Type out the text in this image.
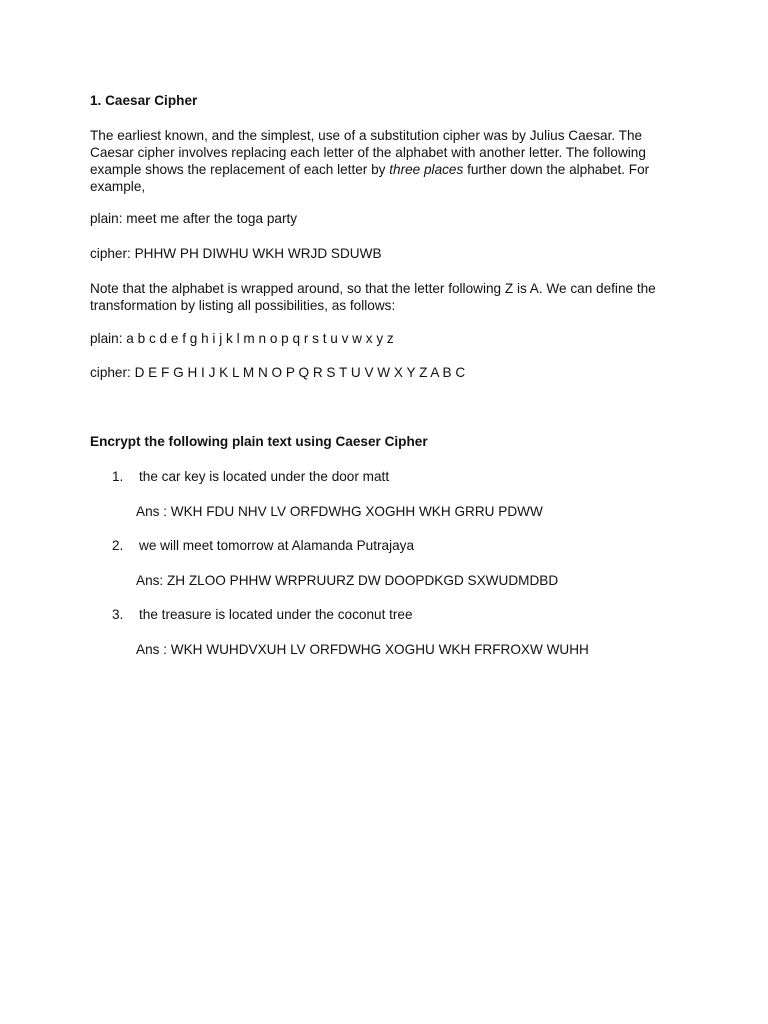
1. Caesar Cipher
The earliest known, and the simplest, use of a substitution cipher was by Julius Caesar. The
Caesar cipher involves replacing each letter of the alphabet with another letter. The following
example shows the replacement of each letter by three places further down the alphabet. For
example,
plain: meet me after the toga party
cipher: PHHW PH DIWHU WKH WRJD SDUWB
Note that the alphabet is wrapped around, so that the letter following Z is A. We can define the
transformation by listing all possibilities, as follows:
plain: a b c d e f g h i j k l m n o p q r s t u v w x y z
cipher: D E F G H I J K L M N O P Q R S T U V W X Y Z A B C
Encrypt the following plain text using Caeser Cipher
1. the car key is located under the door matt
Ans : WKH FDU NHV LV ORFDWHG XOGHH WKH GRRU PDWW
2. we will meet tomorrow at Alamanda Putrajaya
Ans: ZH ZLOO PHHW WRPRUURZ DW DOOPDKGD SXWUDMDBD
3. the treasure is located under the coconut tree
Ans : WKH WUHDVXUH LV ORFDWHG XOGHU WKH FRFROXW WUHH
